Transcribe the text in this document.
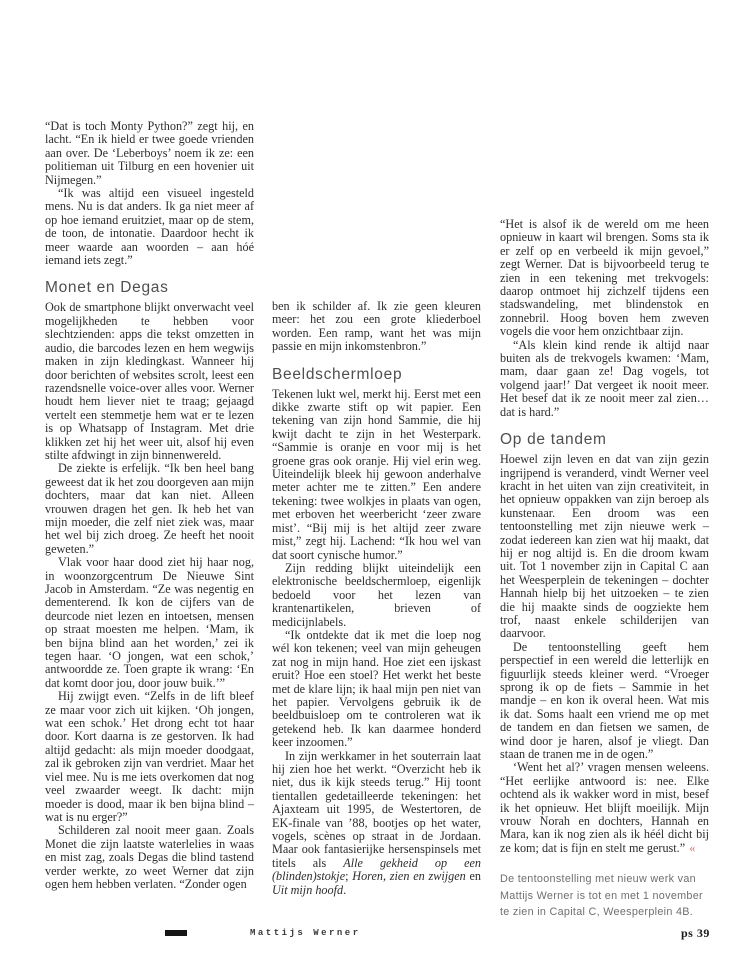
“Dat is toch Monty Python?” zegt hij, en lacht. “En ik hield er twee goede vrienden aan over. De ‘Leberboys’ noem ik ze: een politieman uit Tilburg en een hovenier uit Nijmegen.”

“Ik was altijd een visueel ingesteld mens. Nu is dat anders. Ik ga niet meer af op hoe iemand eruitziet, maar op de stem, de toon, de intonatie. Daardoor hecht ik meer waarde aan woorden – aan hóé iemand iets zegt.”

Monet en Degas

Ook de smartphone blijkt onverwacht veel mogelijkheden te hebben voor slechtzienden: apps die tekst omzetten in audio, die barcodes lezen en hem wegwijs maken in zijn kledingkast. Wanneer hij door berichten of websites scrolt, leest een razendsnelle voice-over alles voor. Werner houdt hem liever niet te traag; gejaagd vertelt een stemmetje hem wat er te lezen is op Whatsapp of Instagram. Met drie klikken zet hij het weer uit, alsof hij even stilte afdwingt in zijn binnenwereld.

De ziekte is erfelijk. “Ik ben heel bang geweest dat ik het zou doorgeven aan mijn dochters, maar dat kan niet. Alleen vrouwen dragen het gen. Ik heb het van mijn moeder, die zelf niet ziek was, maar het wel bij zich droeg. Ze heeft het nooit geweten.”

Vlak voor haar dood ziet hij haar nog, in woonzorgcentrum De Nieuwe Sint Jacob in Amsterdam. “Ze was negentig en dementerend. Ik kon de cijfers van de deurcode niet lezen en intoetsen, mensen op straat moesten me helpen. ‘Mam, ik ben bijna blind aan het worden,’ zei ik tegen haar. ‘O jongen, wat een schok,’ antwoordde ze. Toen grapte ik wrang: ‘En dat komt door jou, door jouw buik.’”

Hij zwijgt even. “Zelfs in de lift bleef ze maar voor zich uit kijken. ‘Oh jongen, wat een schok.’ Het drong echt tot haar door. Kort daarna is ze gestorven. Ik had altijd gedacht: als mijn moeder doodgaat, zal ik gebroken zijn van verdriet. Maar het viel mee. Nu is me iets overkomen dat nog veel zwaarder weegt. Ik dacht: mijn moeder is dood, maar ik ben bijna blind – wat is nu erger?”

Schilderen zal nooit meer gaan. Zoals Monet die zijn laatste waterlelies in waas en mist zag, zoals Degas die blind tastend verder werkte, zo weet Werner dat zijn ogen hem hebben verlaten. “Zonder ogen

ben ik schilder af. Ik zie geen kleuren meer: het zou een grote kliederboel worden. Een ramp, want het was mijn passie en mijn inkomstenbron.”

Beeldschermloep

Tekenen lukt wel, merkt hij. Eerst met een dikke zwarte stift op wit papier. Een tekening van zijn hond Sammie, die hij kwijt dacht te zijn in het Westerpark. “Sammie is oranje en voor mij is het groene gras ook oranje. Hij viel erin weg. Uiteindelijk bleek hij gewoon anderhalve meter achter me te zitten.” Een andere tekening: twee wolkjes in plaats van ogen, met erboven het weerbericht ‘zeer zware mist’. “Bij mij is het altijd zeer zware mist,” zegt hij. Lachend: “Ik hou wel van dat soort cynische humor.”

Zijn redding blijkt uiteindelijk een elektronische beeldschermloep, eigenlijk bedoeld voor het lezen van krantenartikelen, brieven of medicijnlabels.

“Ik ontdekte dat ik met die loep nog wél kon tekenen; veel van mijn geheugen zat nog in mijn hand. Hoe ziet een ijskast eruit? Hoe een stoel? Het werkt het beste met de klare lijn; ik haal mijn pen niet van het papier. Vervolgens gebruik ik de beeldbuisloep om te controleren wat ik getekend heb. Ik kan daarmee honderd keer inzoomen.”

In zijn werkkamer in het souterrain laat hij zien hoe het werkt. “Overzicht heb ik niet, dus ik kijk steeds terug.” Hij toont tientallen gedetailleerde tekeningen: het Ajaxteam uit 1995, de Westertoren, de EK-finale van ’88, bootjes op het water, vogels, scènes op straat in de Jordaan. Maar ook fantasierijke hersenspinsels met titels als Alle gekheid op een (blinden)stokje; Horen, zien en zwijgen en Uit mijn hoofd.

“Het is alsof ik de wereld om me heen opnieuw in kaart wil brengen. Soms sta ik er zelf op en verbeeld ik mijn gevoel,” zegt Werner. Dat is bijvoorbeeld terug te zien in een tekening met trekvogels: daarop ontmoet hij zichzelf tijdens een stadswandeling, met blindenstok en zonnebril. Hoog boven hem zweven vogels die voor hem onzichtbaar zijn.

“Als klein kind rende ik altijd naar buiten als de trekvogels kwamen: ‘Mam, mam, daar gaan ze! Dag vogels, tot volgend jaar!’ Dat vergeet ik nooit meer. Het besef dat ik ze nooit meer zal zien… dat is hard.”

Op de tandem

Hoewel zijn leven en dat van zijn gezin ingrijpend is veranderd, vindt Werner veel kracht in het uiten van zijn creativiteit, in het opnieuw oppakken van zijn beroep als kunstenaar. Een droom was een tentoonstelling met zijn nieuwe werk – zodat iedereen kan zien wat hij maakt, dat hij er nog altijd is. En die droom kwam uit. Tot 1 november zijn in Capital C aan het Weesperplein de tekeningen – dochter Hannah hielp bij het uitzoeken – te zien die hij maakte sinds de oogziekte hem trof, naast enkele schilderijen van daarvoor.

De tentoonstelling geeft hem perspectief in een wereld die letterlijk en figuurlijk steeds kleiner werd. “Vroeger sprong ik op de fiets – Sammie in het mandje – en kon ik overal heen. Wat mis ik dat. Soms haalt een vriend me op met de tandem en dan fietsen we samen, de wind door je haren, alsof je vliegt. Dan staan de tranen me in de ogen.”

‘Went het al?’ vragen mensen weleens. “Het eerlijke antwoord is: nee. Elke ochtend als ik wakker word in mist, besef ik het opnieuw. Het blijft moeilijk. Mijn vrouw Norah en dochters, Hannah en Mara, kan ik nog zien als ik héél dicht bij ze kom; dat is fijn en stelt me gerust.” «

De tentoonstelling met nieuw werk van Mattijs Werner is tot en met 1 november te zien in Capital C, Weesperplein 4B.

Mattijs Werner	ps 39
